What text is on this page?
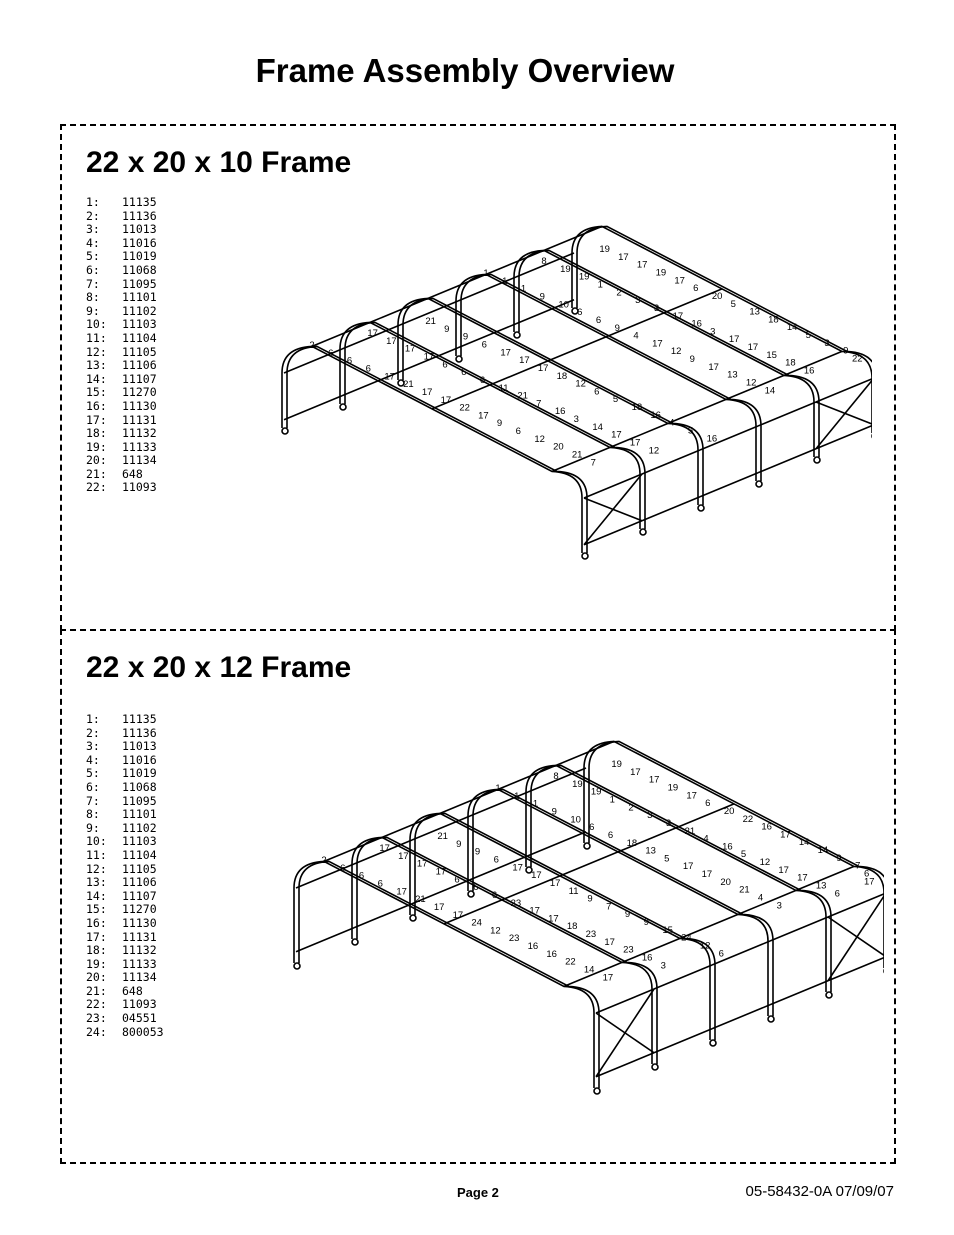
Frame Assembly Overview
22 x 20 x 10 Frame
1:	11135
2:	11136
3:	11013
4:	11016
5:	11019
6:	11068
7:	11095
8:	11101
9:	11102
10:	11103
11:	11104
12:	11105
13:	11106
14:	11107
15:	11270
16:	11130
17:	11131
18:	11132
19:	11133
20:	11134
21:	648
22:	11093
2
17
21
1
8
19
6
17
9
1
19
17
6
17
9
1
19
17
6
17
6
9
1
19
17
6
17
10
2
17
21
6
17
6
3
6
17
6
17
6
3
20
17
11
18
9
17
5
22
21
12
4
16
13
17
7
6
17
3
18
9
16
5
12
17
14
6
3
18
9
17
5
12
14
16
17
15
3
20
17
4
13
18
9
21
17
5
12
16
22
7
12
16
14
22 x 20 x 12 Frame
1:	11135
2:	11136
3:	11013
4:	11016
5:	11019
6:	11068
7:	11095
8:	11101
9:	11102
10:	11103
11:	11104
12:	11105
13:	11106
14:	11107
15:	11270
16:	11130
17:	11131
18:	11132
19:	11133
20:	11134
21:	648
22:	11093
23:	04551
24:	800053
2
17
21
1
8
19
6
17
9
1
19
17
6
17
9
1
19
17
6
17
6
9
1
19
17
6
17
10
2
17
21
6
17
6
3
6
17
6
17
6
3
20
17
23
11
18
21
22
24
17
9
13
4
16
12
17
7
5
16
17
23
18
9
17
5
14
16
23
9
17
12
14
16
17
15
20
17
9
22
23
24
21
17
7
14
16
12
4
13
6
17
3
6
3
6
17
Page 2	05-58432-0A 07/09/07
